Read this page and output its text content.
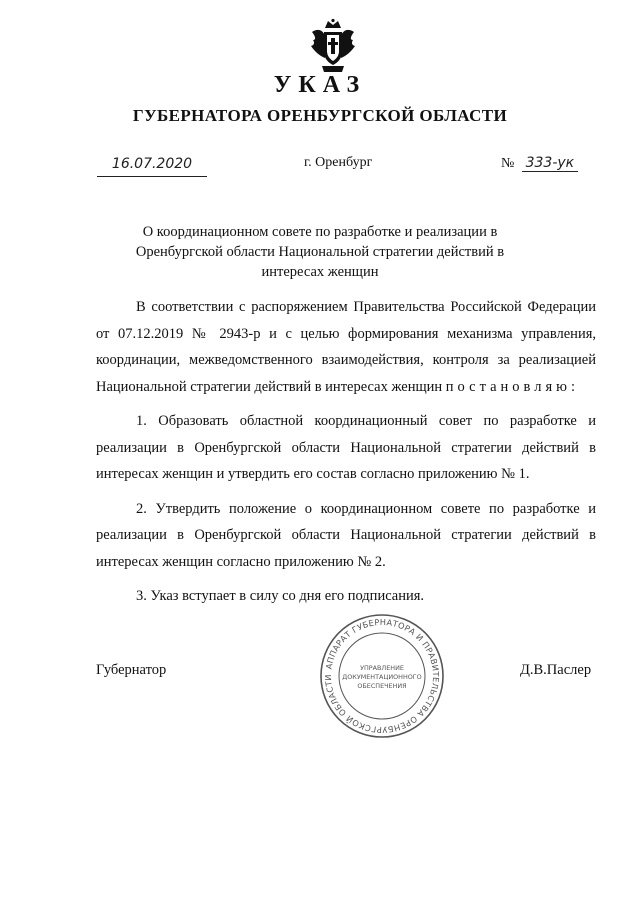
УКАЗ
ГУБЕРНАТОРА ОРЕНБУРГСКОЙ ОБЛАСТИ
16.07.2020	г. Оренбург	№ 333-ук
О координационном совете по разработке и реализации в Оренбургской области Национальной стратегии действий в интересах женщин

В соответствии с распоряжением Правительства Российской Федерации от 07.12.2019 № 2943-р и с целью формирования механизма управления, координации, межведомственного взаимодействия, контроля за реализацией Национальной стратегии действий в интересах женщин постановляю:

1. Образовать областной координационный совет по разработке и реализации в Оренбургской области Национальной стратегии действий в интересах женщин и утвердить его состав согласно приложению № 1.

2. Утвердить положение о координационном совете по разработке и реализации в Оренбургской области Национальной стратегии действий в интересах женщин согласно приложению № 2.

3. Указ вступает в силу со дня его подписания.

Губернатор	АППАРАТ ГУБЕРНАТОРА И ПРАВИТЕЛЬСТВА ОРЕНБУРГСКОЙ ОБЛАСТИ
УПРАВЛЕНИЕ
ДОКУМЕНТАЦИОННОГО
ОБЕСПЕЧЕНИЯ
Д.В.Паслер
